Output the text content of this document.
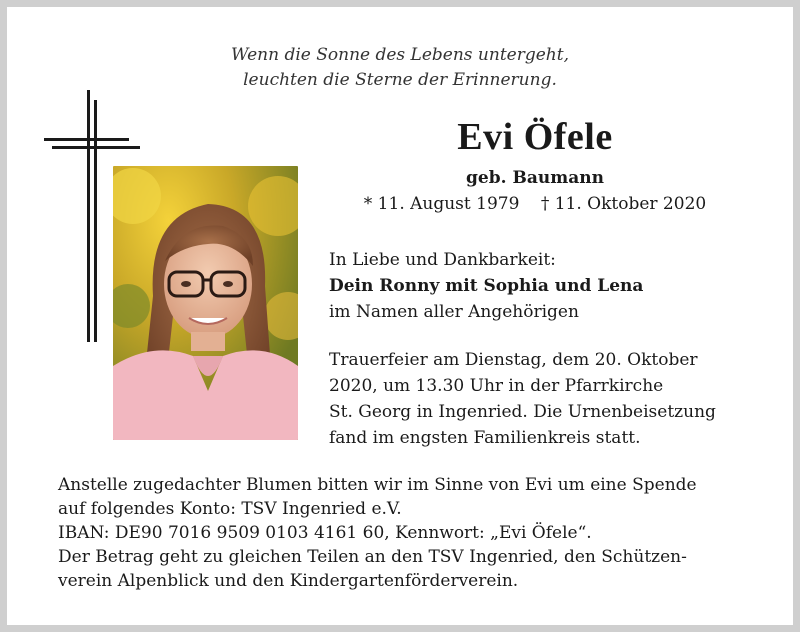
Wenn die Sonne des Lebens untergeht,
leuchten die Sterne der Erinnerung.
Evi Öfele
geb. Baumann
* 11. August 1979 † 11. Oktober 2020
In Liebe und Dankbarkeit:
Dein Ronny mit Sophia und Lena
im Namen aller Angehörigen
Trauerfeier am Dienstag, dem 20. Oktober
2020, um 13.30 Uhr in der Pfarrkirche
St. Georg in Ingenried. Die Urnenbeisetzung
fand im engsten Familienkreis statt.
Anstelle zugedachter Blumen bitten wir im Sinne von Evi um eine Spende
auf folgendes Konto: TSV Ingenried e.V.
IBAN: DE90 7016 9509 0103 4161 60, Kennwort: „Evi Öfele“.
Der Betrag geht zu gleichen Teilen an den TSV Ingenried, den Schützen-
verein Alpenblick und den Kindergartenförderverein.
